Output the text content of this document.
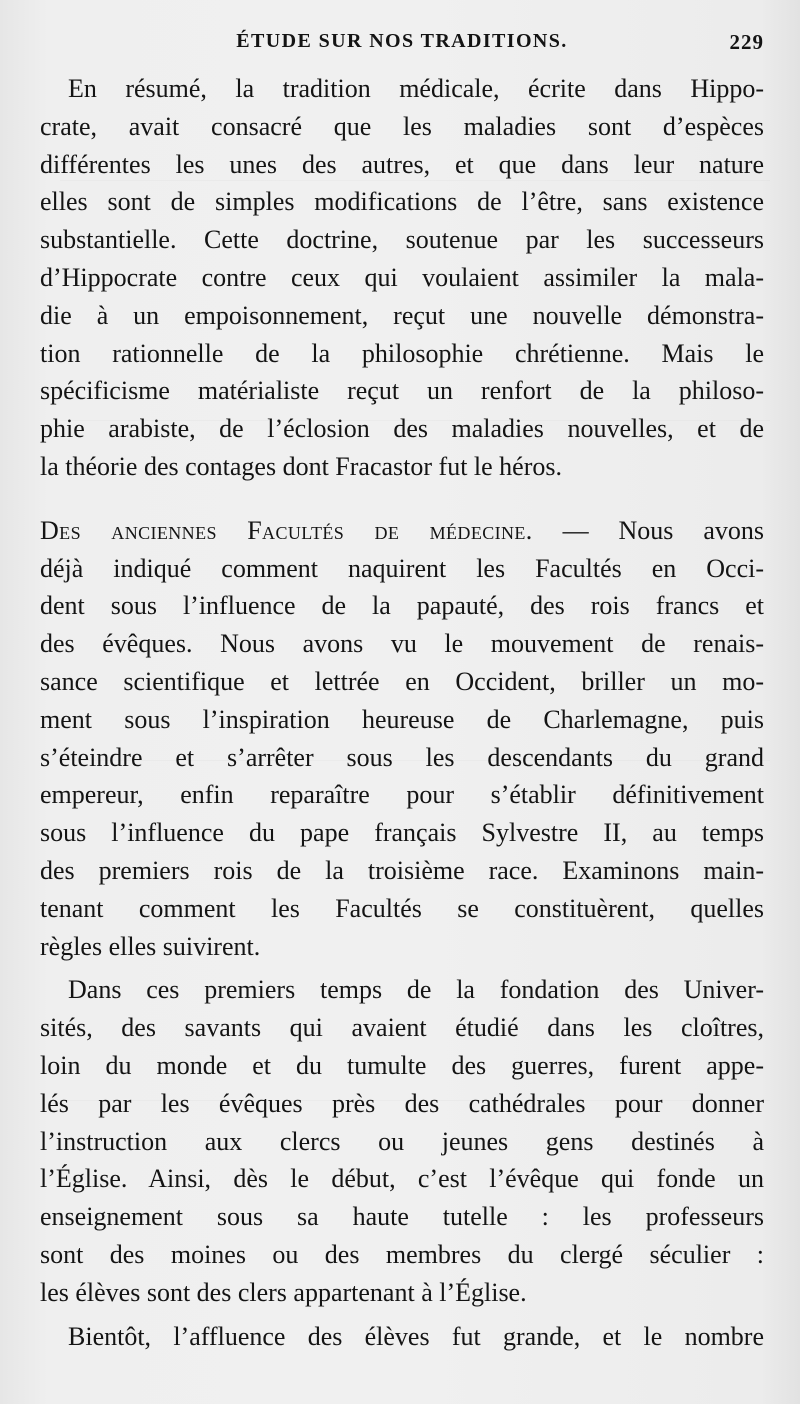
ÉTUDE SUR NOS TRADITIONS.	229
En résumé, la tradition médicale, écrite dans Hippo-
crate, avait consacré que les maladies sont d’espèces
différentes les unes des autres, et que dans leur nature
elles sont de simples modifications de l’être, sans existence
substantielle. Cette doctrine, soutenue par les successeurs
d’Hippocrate contre ceux qui voulaient assimiler la mala-
die à un empoisonnement, reçut une nouvelle démonstra-
tion rationnelle de la philosophie chrétienne. Mais le
spécificisme matérialiste reçut un renfort de la philoso-
phie arabiste, de l’éclosion des maladies nouvelles, et de
la théorie des contages dont Fracastor fut le héros.
Des anciennes Facultés de médecine. — Nous avons
déjà indiqué comment naquirent les Facultés en Occi-
dent sous l’influence de la papauté, des rois francs et
des évêques. Nous avons vu le mouvement de renais-
sance scientifique et lettrée en Occident, briller un mo-
ment sous l’inspiration heureuse de Charlemagne, puis
s’éteindre et s’arrêter sous les descendants du grand
empereur, enfin reparaître pour s’établir définitivement
sous l’influence du pape français Sylvestre II, au temps
des premiers rois de la troisième race. Examinons main-
tenant comment les Facultés se constituèrent, quelles
règles elles suivirent.
Dans ces premiers temps de la fondation des Univer-
sités, des savants qui avaient étudié dans les cloîtres,
loin du monde et du tumulte des guerres, furent appe-
lés par les évêques près des cathédrales pour donner
l’instruction aux clercs ou jeunes gens destinés à
l’Église. Ainsi, dès le début, c’est l’évêque qui fonde un
enseignement sous sa haute tutelle : les professeurs
sont des moines ou des membres du clergé séculier :
les élèves sont des clers appartenant à l’Église.
Bientôt, l’affluence des élèves fut grande, et le nombre
